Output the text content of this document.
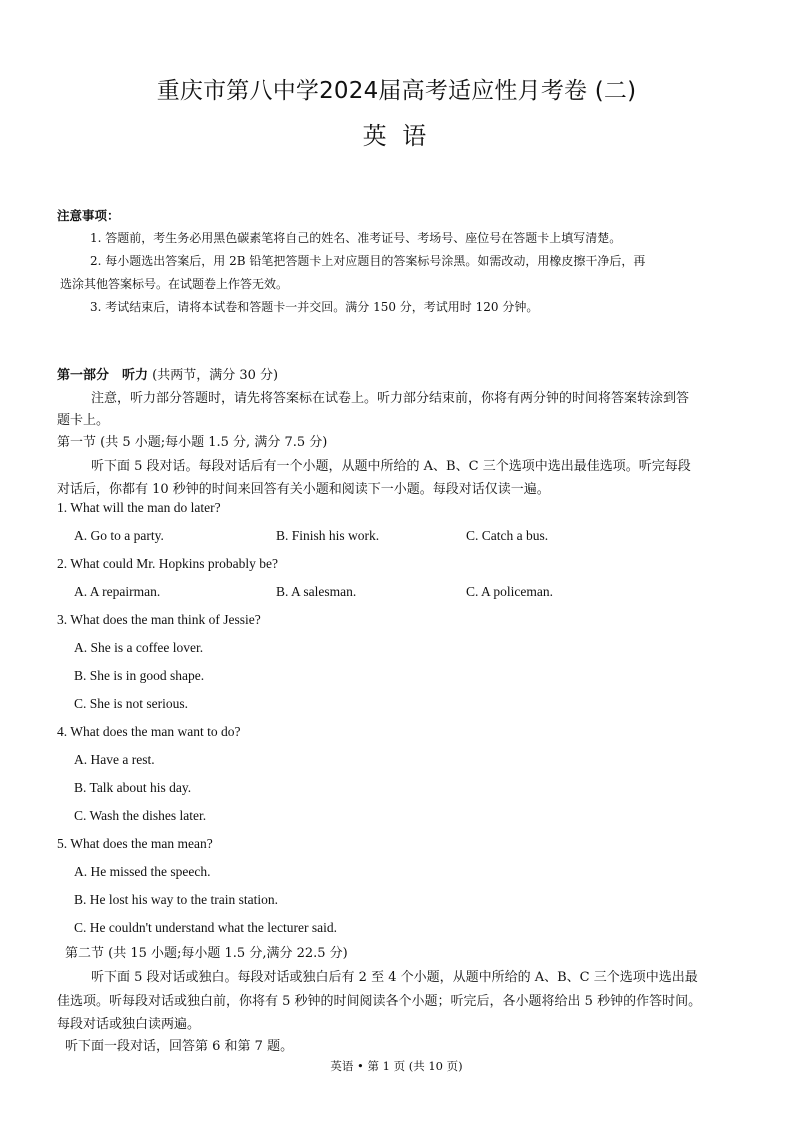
重庆市第八中学2024届高考适应性月考卷 (二)
英 语
注意事项：
1. 答题前，考生务必用黑色碳素笔将自己的姓名、准考证号、考场号、座位号在答题卡上填写清楚。
2. 每小题选出答案后，用 2B 铅笔把答题卡上对应题目的答案标号涂黑。如需改动，用橡皮擦干净后，再
选涂其他答案标号。在试题卷上作答无效。
3. 考试结束后，请将本试卷和答题卡一并交回。满分 150 分，考试用时 120 分钟。
第一部分　听力 (共两节，满分 30 分)
注意，听力部分答题时，请先将答案标在试卷上。听力部分结束前，你将有两分钟的时间将答案转涂到答
题卡上。
第一节 (共 5 小题;每小题 1.5 分, 满分 7.5 分)
听下面 5 段对话。每段对话后有一个小题，从题中所给的 A、B、C 三个选项中选出最佳选项。听完每段
对话后，你都有 10 秒钟的时间来回答有关小题和阅读下一小题。每段对话仅读一遍。
1. What will the man do later?
A. Go to a party.	B. Finish his work.	C. Catch a bus.
2. What could Mr. Hopkins probably be?
A. A repairman.	B. A salesman.	C. A policeman.
3. What does the man think of Jessie?
A. She is a coffee lover.
B. She is in good shape.
C. She is not serious.
4. What does the man want to do?
A. Have a rest.
B. Talk about his day.
C. Wash the dishes later.
5. What does the man mean?
A. He missed the speech.
B. He lost his way to the train station.
C. He couldn't understand what the lecturer said.
第二节 (共 15 小题;每小题 1.5 分,满分 22.5 分)
听下面 5 段对话或独白。每段对话或独白后有 2 至 4 个小题，从题中所给的 A、B、C 三个选项中选出最
佳选项。听每段对话或独白前，你将有 5 秒钟的时间阅读各个小题；听完后，各小题将给出 5 秒钟的作答时间。
每段对话或独白读两遍。
听下面一段对话，回答第 6 和第 7 题。
英语 • 第 1 页 (共 10 页)
